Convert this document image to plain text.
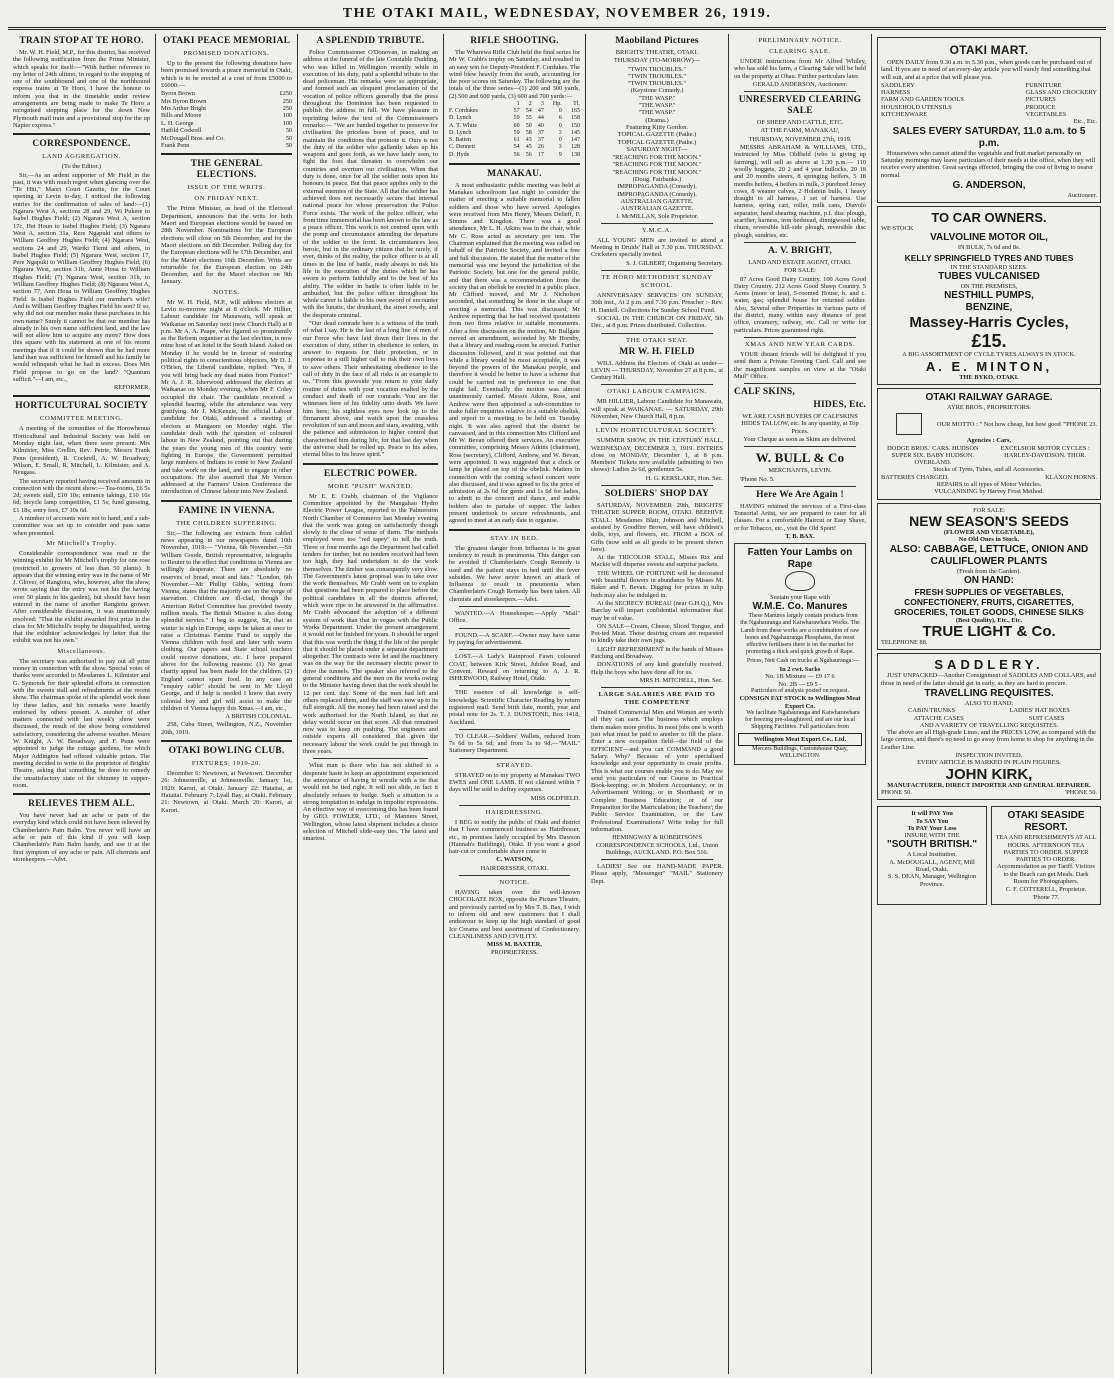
THE OTAKI MAIL, WEDNESDAY, NOVEMBER 26, 1919.
TRAIN STOP AT TE HORO.

Mr. W. H. Field, M.P., for this district, has received the following notification from the Prime Minister, which speaks for itself:—"With further reference to my letter of 24th ultimo, in regard to the stopping of one of the southbound and one of the northbound express trains at Te Horo, I have the honour to inform you that in the timetable under review arrangements are being made to make Te Horo a recognised stopping place for the down New Plymouth mail train and a provisional stop for the up Napier express."

CORRESPONDENCE.
LAND AGGREGATION.

(To the Editor.)

Sir,—As an ardent supporter of Mr Field in the past, it was with much regret when glancing over the "Te Hiti," Maori Court Gazette, for the Court opening in Levin to-day, I noticed the following entries for the confirmation of sales of land:—(1) Ngarara West A, sections 28 and 29, Wi Pukere to Isabel Hughes Field; (2) Ngarara West A, section 17c, Hei Houn to Isabel Hughes Field; (3) Ngarara West A, section 31a, Rere Ngapuki and others to William Geoffrey Hughes Field; (4) Ngarara West, sections 24 and 29, Wariki Tiemi and others, to Isabel Hughes Field; (5) Ngarara West, section 17, Pere Ngapuki to William Geoffrey Hughes Field; (6) Ngarara West, section 31b, Anne Houa to William Hughes Field; (7) Ngarara West, section 31b, to William Geoffrey Hughes Field; (8) Ngarara West A, section 77, Ann Houa to William Geoffrey Hughes Field. Is Isabel Hughes Field our member's wife? And is William Geoffrey Hughes Field his son? If so, why did not our member make these purchases in his own name? Surely it cannot be that our member has already in his own name sufficient land, and the law will not allow him to acquire any more? How does this square with his statement at one of his recent meetings that if it could be shown that he had more land than was sufficient for himself and his family he would relinquish what he had in excess. Does Mrs Field propose to go on the land? "Quantum sufficit."—I am, etc.,

REFORMER.

HORTICULTURAL SOCIETY
COMMITTEE MEETING.

A meeting of the committee of the Horowhenua Horticultural and Industrial Society was held on Monday night last, when there were present: Mrs Kilmister, Miss Crellin, Rev. Petrie, Messrs Frank Penn (president), R. Cockrell, A. W. Broadway, Wilson, E. Small, R. Mitchell, L. Kilmister, and A. Neugass.

The secretary reported having received amounts in connection with the recent show:— Tea-rooms, £6 5s 2d; sweets stall, £10 10s; entrance takings, £10 16s 6d; bicycle lamp competition, £1 5s; fund guessing, £1 18s; entry fees, £7 10s 6d.

A number of accounts were not to hand, and a sub-committee was set up to consider and pass same when presented.

Mr Mitchell's Trophy.

Considerable correspondence was read re the winning exhibit for Mr Mitchell's trophy for one rose (restricted to growers of less than 50 plants). It appears that the winning entry was in the name of Mr J. Glover, of Rangiotu, who, however, after the show, wrote saying that the entry was not his (he having over 50 plants in his garden), but should have been entered in the name of another Rangiotu grower. After considerable discussion, it was unanimously resolved: "That the exhibit awarded first prize in the class for Mr Mitchell's trophy be disqualified, seeing that the exhibitor acknowledges by letter that the exhibit was not his own."

Miscellaneous.

The secretary was authorised to pay out all prize money in connection with the show. Special votes of thanks were accorded to Mesdames L. Kilmister and G. Symonds for their splendid efforts in connection with the sweets stall and refreshments at the recent show. The chairman spoke of the splendid work done by these ladies, and his remarks were heartily endorsed by others present. A number of other matters connected with last week's show were discussed, the result of the show being considered satisfactory, considering the adverse weather. Messrs W. Knight, A. W. Broadway, and F. Penn were appointed to judge the cottage gardens, for which Major Addington had offered valuable prizes. The meeting decided to write to the proprietor of Brights' Theatre, asking that something be done to remedy the unsatisfactory state of the chimney in supper-room.

RELIEVES THEM ALL.

You have never had an ache or pain of the everyday kind which could not have been relieved by Chamberlain's Pain Balm. You never will have an ache or pain of this kind if you will keep Chamberlain's Pain Balm handy, and use it at the first symptom of any ache or pain. All chemists and storekeepers.—Advt.

OTAKI PEACE MEMORIAL
PROMISED DONATIONS.

Up to the present the following donations have been promised towards a peace memorial in Otaki, which is to be erected at a cost of from £5000 to £6000:—

Byron Brown	£250
Mrs Byron Brown	250
Mrs Arthur Bright	250
Bills and Moore	100
L. H. George	100
Hatfild Cockrell	50
McDougall Bros. and Co.	50
Frank Penn	50
THE GENERAL ELECTIONS.
ISSUE OF THE WRITS.
ON FRIDAY NEXT.

The Prime Minister, as head of the Electoral Department, announces that the writs for both Maori and European elections would be issued on 28th November. Nominations for the European elections will close on 5th December, and for the Maori elections on 8th December. Polling day for the European elections will be 17th December, and for the Maori elections 16th December. Writs are returnable for the European election on 24th December, and for the Maori election on 9th January.

NOTES.

Mr W. H. Field, M.P., will address electors at Levin to-morrow night at 8 o'clock. Mr Hillier, Labour candidate for Manawatu, will speak at Waikanae on Saturday next (new Church Hall) at 8 p.m. Mr A. A. Paape, who figured so prominently as the Reform organiser at the last election, is now mine host of an hotel in the South Island. Asked on Monday if he would be in favour of restoring political rights to conscientious objectors, Mr D. J. O'Brien, the Liberal candidate, replied: "Yes, if you will bring back my dead mates from France!" Mr A. J. R. Isherwood addressed the electors at Waikanae on Monday evening, when Mr F. Coley occupied the chair. The candidate received a splendid hearing, while the attendance was very gratifying. Mr J. McKenzie, the official Labour candidate for Otaki, addressed a meeting of electors at Mangaore on Monday night. The candidate dealt with the question of coloured labour in New Zealand, pointing out that during the years the young men of this country were fighting in Europe, the Government permitted large numbers of Indians to come to New Zealand and take work on the land, and to engage in other occupations. He also asserted that Mr Vernon addressed at the Farmers' Union Conference the introduction of Chinese labour into New Zealand.

FAMINE IN VIENNA.
THE CHILDREN SUFFERING.

Sir,—The following are extracts from cabled news appearing in our newspapers dated 10th November, 1919:— "Vienna, 6th November.—Sir William Goode, British representative, telegraphs to Reuter to the effect that conditions in Vienna are willingly desperate. There are absolutely no reserves of bread, meat and fats." "London, 6th November.—Mr Phillip Gibbs, writing from Vienna, states that the majority are on the verge of starvation. Children are ill-clad, though the American Relief Committee has provided twenty million meals. The British Mission is also doing splendid service." I beg to suggest, Sir, that as winter is nigh in Europe, steps be taken at once to raise a Christmas Famine Fund to supply the Vienna children with food and later with warm clothing. Our papers and State school teachers could receive donations, etc. I have prepared above for the following reasons: (1) No great charity appeal has been made for the children. (2) England cannot spare food. In any case an "enquiry cable" should be sent to Mr Lloyd George, and if help is needed I know that every colonial boy and girl will assist to make the children of Vienna happy this Xmas.—I am, etc.,

A BRITISH COLONIAL.

258, Cuba Street, Wellington, N.Z., November 20th, 1919.

OTAKI BOWLING CLUB.
FIXTURES, 1919-20.

December 6: Newtown, at Newtown. December 26: Johnsonville, at Johnsonville. January 1st, 1920: Karori, at Otaki. January 22: Hataitai, at Hataitai. February 7: Lyall Bay, at Otaki. February 21: Newtown, at Otaki. March 20: Karori, at Karori.

A SPLENDID TRIBUTE.

Police Commissioner O'Donovan, in making an address at the funeral of the late Constable Dudding, who was killed in Wellington recently while in execution of his duty, paid a splendid tribute to the dead policeman. His remarks were so appropriate, and formed such an eloquent proclamation of the vocation of police officers generally that the press throughout the Dominion has been requested to publish the address in full. We have pleasure in reprinting below the text of the Commissioner's remarks:— "We are banded together to preserve for civilisation the priceless boon of peace, and to maintain the conditions that promote it. Ours is not the duty of the soldier who gallantly takes up his weapons and goes forth, as we have lately seen, to fight the foes that threaten to overwhelm our countries and overturn our civilisation. When that duty is done, once for all the soldier rests upon his honours in peace. But that peace applies only to the external enemies of the State. All that the soldier has achieved does not necessarily secure that internal national peace for whose preservation the Police Force exists. The work of the police officer, who from time immemorial has been known to the law as a peace officer. This work is not centred upon with the pomp and circumstance attending the departure of the soldier to the front. In circumstances less heroic, but in the ordinary citizen that he rarely, if ever, thinks of the reality, the police officer is at all times in the line of battle, ready always to risk his life in the execution of the duties which he has sworn to perform faithfully and to the best of his ability. The soldier in battle is often liable to be ambushed, but the police officer throughout his whole career is liable to his own sword of encounter with the lunatic, the drunkard, the street rowdy, and the desperate criminal.

"Our dead comrade here is a witness of the truth of what I say. He is the last of a long line of men of our Force who have laid down their lives in the execution of duty, either in obedience to orders, in answer to requests for their protection, or in response to a still higher call to risk their own lives to save others. Their unhesitating obedience to the call of duty in the face of all risks is an example to us. "From this graveside you return to your daily routine of duties with your vocation exalted by the conduct and death of our comrade. You are the witnesses here of his fidelity unto death. We have him here; his sightless eyes now look up to the firmament above, and watch upon the ceaseless revolution of sun and moon and stars, awaiting, with the patience and submission to higher control that characterised him during life, for that last day when the universe shall be rolled up. Peace to his ashes, eternal bliss to his brave spirit."

ELECTRIC POWER.
MORE "PUSH" WANTED.

Mr E. E. Crabb, chairman of the Vigilance Committee appointed by the Mangahao Hydro Electric Power League, reported to the Palmerston North Chamber of Commerce last Monday evening that the work was going on satisfactorily though slowly to the close of some of them. The methods employed were too "red tapey" to tell the truth. Three or four months ago the Department had called tenders for timber, but no tenders received had been too high, they had undertaken to do the work themselves. The timber was consequently very slow. The Government's latest proposal was to take over the work themselves. Mr Crabb went on to explain that questions had been prepared to place before the political candidates in all the districts affected, which were ripe to be answered in the affirmative. Mr Crabb advocated the adoption of a different system of work than that in vogue with the Public Works Department. Under the present arrangement it would not be finished for years. It should be urged that this was worth the thing if the life of the people that it should be placed under a separate department altogether. The contracts were let and the machinery was on the way for the necessary electric power to drive the tunnels. The speaker also referred to the general conditions and the men on the works owing to the Minister having down that the work should be 12 per cent. day. Some of the men had left and others replaced them, and the staff was now up to its full strength. All the money had been raised and the work authorised for the North Island, so that no delay would occur on that score. All that remained now was to keep on pushing. The engineers and outside experts all considered that given the necessary labour the work could be put through in three years.

What man is there who has not shifted to a desperate haste to keep an appointment experienced the annoyance of having to wrestle with a tie that would not be tied right. It will not slide, in fact it absolutely refuses to budge. Such a situation is a strong temptation to indulge in impolite expressions. An effective way of overcoming this has been found by GEO. FOWLER, LTD., of Manners Street, Wellington, whose latest shipment includes a choice selection of Mitchell slide-easy ties. The latest and smartest.

RIFLE SHOOTING.

The Wharewa Rifle Club held the final series for Mr W. Crabb's trophy on Saturday, and resulted in an easy win for Deputy-President F. Cordukes. The wind blew heavily from the south, accounting for the poor scores on Saturday. The following are the totals of the three series—(1) 200 and 300 yards, (2) 500 and 600 yards, (3) 600 and 700 yards:—

	1	2	3	Hp.	Tl.
F. Cordukes	57	54	47	0	165
D. Lynch	59	55	44	6	158
A. T. White	60	50	40	0	150
D. Lynch	59	58	37	3	145
S. Batten	61	43	37	0	147
C. Dennett	54	45	26	3	128
D. Hyde	56	56	17	9	138
MANAKAU.

A most enthusiastic public meeting was held at Manakau schoolroom last night to consider the matter of erecting a suitable memorial to fallen soldiers and those who have served. Apologies were received from Mrs Henry, Messrs Delieff, P. Simms and Kingdon. There was a good attendance, Mr L. H. Atkins was in the chair, while Mr C. Ross acted as secretary pro tem. The Chairman explained that the meeting was called on behalf of the Patriotic Society, and invited a free and full discussion. He stated that the matter of the memorial was one beyond the jurisdiction of the Patriotic Society, but one for the general public, and that there was a recommendation from the society that an obelisk be erected in a public place. Mr Clifford moved, and Mr J. Nicholson seconded, that something be done in the shape of erecting a memorial. This was discussed, Mr Andrew reporting that he had received quotations from two firms relative to suitable monuments. After a free discussion on the motion, Mr Bullgate moved an amendment, seconded by Mr Hornby, that a library and reading room be erected. Further discussion followed, and it was pointed out that while a library would be most acceptable, it was beyond the powers of the Manakau people, and therefore it would be better to have a scheme that could be carried out in preference to one that might fail. Eventually the motion was almost unanimously carried. Messrs Atkins, Ross, and Andrew were then appointed a sub-committee to make fuller enquiries relative to a suitable obelisk, and report to a meeting to be held on Tuesday night. It was also agreed that the district be canvassed, and in this connection Mrs Clifford and Mr W. Bevan offered their services. An executive committee, comprising Messrs Atkins (chairman), Ross (secretary), Clifford, Andrew, and W. Bevan, were appointed. It was suggested that a clock or lamp be placed on top of the obelisk. Matters in connection with the coming school concert were also discussed, and it was agreed to fix the price of admission at 2s 6d for gents and 1s 6d for ladies, to admit to the concert and dance, and enable holders also to partake of supper. The ladies present undertook to secure refreshments, and agreed to meet at an early date to organise.

STAY IN BED.

The greatest danger from Influenza is its great tendency to result in pneumonia. This danger can be avoided if Chamberlain's Cough Remedy is used and the patient stays in bed until the fever subsides. We have never known an attack of Influenza to result in pneumonia when Chamberlain's Cough Remedy has been taken. All chemists and storekeepers.—Advt.

WANTED.—A Housekeeper.—Apply "Mail" Office.

FOUND.—A SCARF.—Owner may have same by paying for advertisement.

LOST.—A Lady's Rainproof Fawn coloured COAT, between Kirk Street, Jubilee Road, and Convent. Reward on returning to A. J. R. ISHERWOOD, Railway Hotel, Otaki.

THE essence of all knowledge is self-knowledge. Scientific Character Reading by return registered mail. Send birth date, month, year and postal note for 2s. T. J. DUNSTONE, Box 1418, Auckland.

TO CLEAR.—Soldiers' Wallets, reduced from 7s 6d to 5s 6d; and from 1s to 9d.—"MAIL" Stationery Department.

STRAYED.

STRAYED on to my property at Manakau TWO EWES and ONE LAMB. If not claimed within 7 days will be sold to defray expenses.

MISS OLDFIELD.

HAIRDRESSING.

I BEG to notify the public of Otaki and district that I have commenced business as Hairdresser, etc., in premises lately occupied by Mrs Dawson (Hannah's Buildings), Otaki. If you want a good hair-cut or comfortable shave come to

C. WATSON,

HAIRDRESSER, OTAKI.

NOTICE.

HAVING taken over the well-known CHOCOLATE BOX, opposite the Picture Theatre, and previously carried on by Mrs T. B. Bax, I wish to inform old and new customers that I shall endeavour to keep up the high standard of good Ice Creams and best assortment of Confectionery. CLEANLINESS AND CIVILITY.

MISS M. BAXTER,

PROPRIETRESS.

Maobiland Pictures

BRIGHTS' THEATRE, OTAKI.

THURSDAY (TO-MORROW)—

"TWIN TROUBLES."
"TWIN TROUBLES."
"TWIN TROUBLES."
(Keystone Comedy.)
"THE WASP."
"THE WASP."
"THE WASP."
(Drama.)
Featuring Kitty Gordon.
TOPICAL GAZETTE (Pathe.)
TOPICAL GAZETTE (Pathe.)

SATURDAY NIGHT—

"REACHING FOR THE MOON."
"REACHING FOR THE MOON."
"REACHING FOR THE MOON."
(Doug. Fairbanks.)
IMPROPAGANDA (Comedy).
IMPROPAGANDA (Comedy).
AUSTRALIAN GAZETTE.
AUSTRALIAN GAZETTE.

J. McMILLAN, Sole Proprietor.

Y.M.C.A.

ALL YOUNG MEN are invited to attend a Meeting in Druids' Hall at 7.30 p.m. THURSDAY. Cricketers specially invited.

S. J. GILBERT, Organising Secretary.

TE HORO METHODIST SUNDAY SCHOOL.

ANNIVERSARY SERVICES ON SUNDAY, 30th inst., At 2 p.m. and 7.30 p.m. Preacher :- Rev. H. Daniell. Collections for Sunday School Fund.

SOCIAL IN THE CHURCH ON FRIDAY, 5th Dec., at 8 p.m. Prizes distributed. Collection.

THE OTAKI SEAT.
MR W. H. FIELD

WILL Address the Electors of Otaki as under— LEVIN — THURSDAY, November 27 at 8 p.m., at Century Hall.

OTAKI LABOUR CAMPAIGN.

MR HILLIER, Labour Candidate for Manawatu, will speak at WAIKANAE. — SATURDAY, 29th November, New Church Hall, 8 p.m.

LEVIN HORTICULTURAL SOCIETY.

SUMMER SHOW, IN THE CENTURY HALL, WEDNESDAY, DECEMBER 3, 1919. ENTRIES close on MONDAY, December 1, at 8 p.m. Members' Tickets now available (admitting to two shows): Ladies 2s 6d, gentlemen 5s.

H. G. KERSLAKE, Hon. Sec.

SOLDIERS' SHOP DAY

SATURDAY, NOVEMBER 29th, BRIGHTS' THEATRE SUPPER ROOM, OTAKI. BEEHIVE STALL: Mesdames Blair, Johnson and Mitchell, assisted by Goodfire Brown, will have children's dolls, toys, and flowers, etc. FROM a BOX of Gifts (now sold as all goods to be present shown here).

At the TRICOLOR STALL, Misses Rix and Mackie will dispense sweets and surprise packets.

THE WHEEL OF FORTUNE will be decorated with beautiful flowers in abundance by Misses M. Baker and F. Bevan. Digging for prizes in tulip beds may also be indulged in.

At the SECRECY BUREAU (near G.H.Q.), Mrs Barclay will impart confidential information that may be of value.

ON SALE—Cream, Cheese, Sliced Tongue, and Pot-ted Meat. Those desiring cream are requested to kindly take their own jugs.

LIGHT REFRESHMENT in the hands of Misses Patching and Broadway.

DONATIONS of any kind gratefully received. Help the boys who have done all for us.

MRS H. MITCHELL, Hon. Sec.

LARGE SALARIES ARE PAID TO THE COMPETENT

Trained Commercial Men and Women are worth all they can earn. The business which employs them makes more profits. In most jobs one is worth just what must be paid to another to fill the place. Enter a new occupation field—the field of the EFFICIENT—and you can COMMAND a good Salary. Why? Because of your specialised knowledge and your opportunity to create profits. This is what our courses enable you to do. May we send you particulars of our Course in Practical Book-keeping; or in Modern Accountancy; or in Advertisement Writing; or in Shorthand; or in Complete Business Education; or of our Preparation for the Matriculation; the Teachers'; the Public Service Examination, or the Law Professional Examinations? Write today for full information.

HEMINGWAY & ROBERTSON'S CORRESPONDENCE SCHOOLS, Ltd., Union Buildings, AUCKLAND. P.O. Box 516.

LADIES! See our HAND-MADE PAPER. Please apply, "Messenger" "MAIL" Stationery Dept.

PRELIMINARY NOTICE.
CLEARING SALE.

UNDER instructions from Mr Alfred Whiley, who has sold his farm, a Clearing Sale will be held on the property at Ohau. Further particulars later.

GERALD ANDERSON, Auctioneer.

UNRESERVED CLEARING SALE

OF SHEEP AND CATTLE, ETC.

AT THE FARM, MANAKAU,

THURSDAY, NOVEMBER 27th, 1919.

MESSRS ABRAHAM & WILLIAMS, LTD., instructed by Miss Oldfield (who is giving up farming), will sell as above at 1.30 p.m.— 110 woolly hoggets, 20 2 and 4 year bullocks, 20 18 and 20 months steers, 8 springing heifers, 5 18 months heifers, 4 heifers in milk, 3 purebred Jersey cows, 8 weaner calves, 2 Holstein bulls, 1 heavy draught to all harness, 1 set of harness. Use harness, spring cart, roller, milk cans, Diavolo separator, hand shearing machine, p.f. disc plough, scarifier, harness, iron bedstead, dinnigwood table, churn, reversible hill-side plough, reversible disc plough, sundries, etc.

A. V. BRIGHT,

LAND AND ESTATE AGENT, OTAKI.

FOR SALE:

87 Acres Good Dairy Country. 100 Acres Good Dairy Country. 212 Acres Good Sheep Country. 5 Acres (more or less), 5-roomed House, h. and c. water, gas; splendid house for returned soldier. Also, Several other Properties in various parts of the district, many within easy distance of post office, creamery, railway, etc. Call or write for particulars. Prices guaranteed right.

XMAS AND NEW YEAR CARDS.

YOUR distant friends will be delighted if you send them a Private Greeting Card. Call and see the magnificent samples on view at the "Otaki Mail" Office.

CALF SKINS,
HIDES, Etc.

WE ARE CASH BUYERS OF CALFSKINS HIDES TALLOW, etc. In any quantity, at Top Prices.

Your Cheque as soon as Skins are delivered.

W. BULL & Co

MERCHANTS, LEVIN.

'Phone No. 5.

Here We Are Again !

HAVING retained the services of a First-class Tonsorial Artist, we are prepared to cater for all classes. For a comfortable Haircut or Easy Shave, or for Tobacco, etc., visit the Old Sport!

T. B. BAX.

Fatten Your Lambs on Rape
Sustain your Rape with
W.M.E. Co. Manures

These Manures largely contain products from the Ngahauranga and Kaiwharawhara Works. The Lamb from these works are a combination of raw bones and Ngahauranga Phosphates, the most effective fertilisers there is on the market for promoting a thick and quick growth of Rape.

Prices, Nett Cash on trucks at Ngahauranga:—

In 2 cwt. Sacks
No. 1B Mixture — £9 17 6
No. 2B — £9 5 -
Particulars of analysis posted on request.
CONSIGN FAT STOCK to Wellington Meat Export Co.

We facilitate Ngahauranga and Kaiwharawhara for freezing pre-slaughtered, and are our local Shipping Facilities. Full particulars from

Wellington Meat Export Co., Ltd.
Mercers Buildings, Customhouse Quay, WELLINGTON.
OTAKI MART.

OPEN DAILY from 9.30 a.m. to 5.30 p.m., when goods can be purchased out of land. If you are in need of an every-day article you will surely find something that will suit, and at a price that will please you.

SADDLERY
HARNESS
FARM AND GARDEN TOOLS
HOUSEHOLD UTENSILS
KITCHENWARE
FURNITURE
GLASS AND CROCKERY
PICTURES
PRODUCE
VEGETABLES
Etc., Etc.
SALES EVERY SATURDAY, 11.0 a.m. to 5 p.m.

Housewives who cannot attend the vegetable and fruit market personally on Saturday mornings may leave particulars of their needs at the office, when they will receive every attention. Great savings effected, bringing the cost of living to nearer normal.

G. ANDERSON,
Auctioneer.
TO CAR OWNERS.
WE STOCK
VALVOLINE MOTOR OIL,
IN BULK, 7s 6d and 8s.
KELLY SPRINGFIELD TYRES AND TUBES
IN THE STANDARD SIZES.
TUBES VULCANISED
ON THE PREMISES,
NESTHILL PUMPS,
BENZINE,
Massey-Harris Cycles,
£15.
A BIG ASSORTMENT OF CYCLE TYRES ALWAYS IN STOCK.
A. E. MINTON,
THE BYKO, OTAKI.
OTAKI RAILWAY GARAGE.
AYRE BROS., PROPRIETORS.
OUR MOTTO : " Not how cheap, but how good " 'PHONE 23.
Agencies : Cars,
DODGE BROS.' CARS. HUDSON SUPER SIX. BABY HUDSON. OVERLAND.
EXCELSIOR MOTOR CYCLES : HARLEY-DAVIDSON. THOR.
Stocks of Tyres, Tubes, and all Accessories.
BATTERIES CHARGED.	KLAXON HORNS.
REPAIRS to all types of Motor Vehicles.
VULCANISING by Harvey Frost Method.
FOR SALE:
NEW SEASON'S SEEDS
(FLOWER AND VEGETABLE),
No Old Ones in Stock.
ALSO: CABBAGE, LETTUCE, ONION AND CAULIFLOWER PLANTS
(Fresh from the Garden).
ON HAND:
FRESH SUPPLIES OF VEGETABLES, CONFECTIONERY, FRUITS, CIGARETTES, GROCERIES, TOILET GOODS, CHINESE SILKS
(Best Quality), Etc., Etc.
TRUE LIGHT & Co.
TELEPHONE 88.
SADDLERY.

JUST UNPACKED—Another Consignment of SADDLES AND COLLARS, and those in need of the latter should get in early, as they are hard to procure.

TRAVELLING REQUISITES.
ALSO TO HAND:
CABIN TRUNKS	LADIES' HAT BOXES
ATTACHE CASES	SUIT CASES
AND A VARIETY OF TRAVELLING REQUISITES.

The above are all High-grade Lines, and the PRICES LOW, as compared with the large centres, and there's no need to go away from home to shop for anything in the Leather Line.

INSPECTION INVITED.
EVERY ARTICLE IS MARKED IN PLAIN FIGURES.
JOHN KIRK,
MANUFACTURER, DIRECT IMPORTER AND GENERAL REPAIRER.
PHONE 50.	'PHONE 50.
It will PAY You
To SAY You
To PAY Your Loss
INSURE WITH THE
"SOUTH BRITISH."
A Local Institution.
A. McDOUGALL, AGENT, Mill Road, Otaki.
S. S. DEAN, Manager, Wellington Province.
OTAKI SEASIDE RESORT.

TEA AND REFRESHMENTS AT ALL HOURS. AFTERNOON TEA PARTIES TO ORDER. SUPPER PARTIES TO ORDER. Accommodation as per Tariff. Visitors to the Beach can get Meals. Dark Room for Photographers.

C. F. COTTERELL, Proprietor.
'Phone 77.
